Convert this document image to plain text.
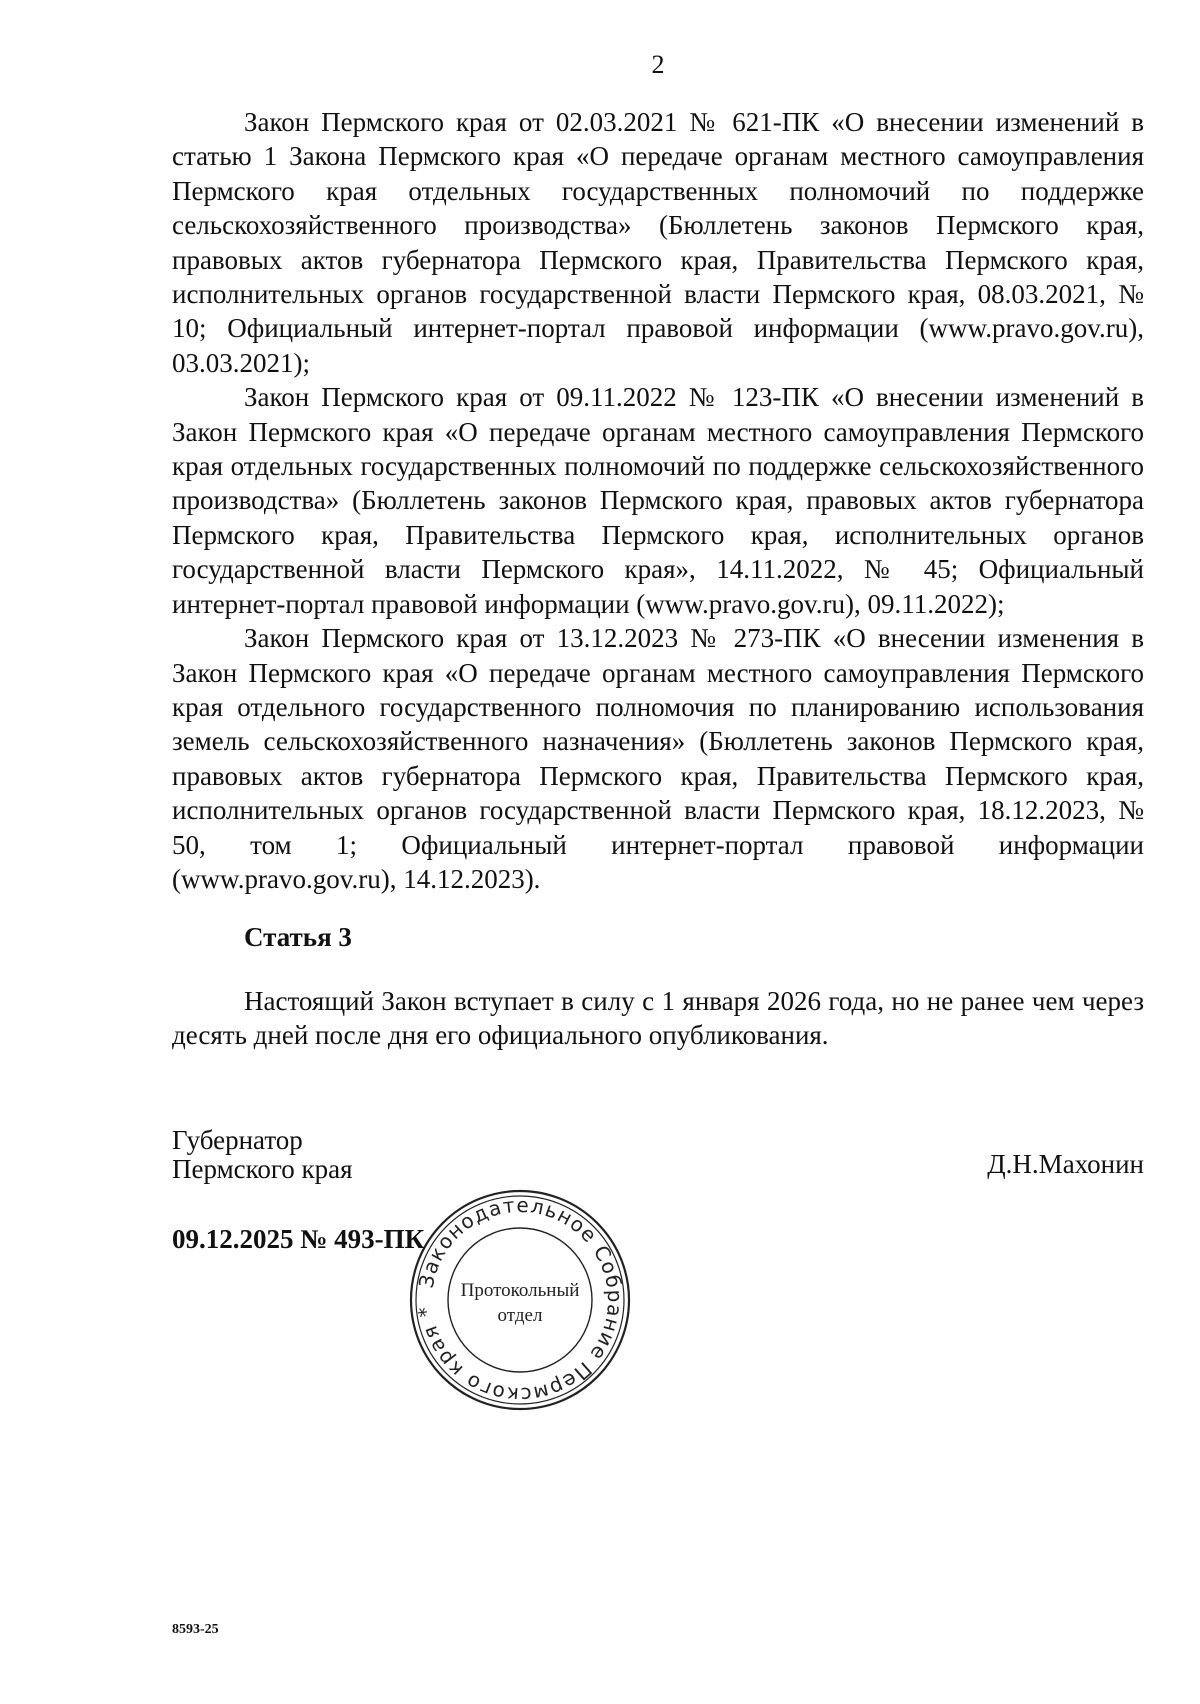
2

Закон Пермского края от 02.03.2021 № 621-ПК «О внесении изменений в статью 1 Закона Пермского края «О передаче органам местного самоуправления Пермского края отдельных государственных полномочий по поддержке сельскохозяйственного производства» (Бюллетень законов Пермского края, правовых актов губернатора Пермского края, Правительства Пермского края, исполнительных органов государственной власти Пермского края, 08.03.2021, № 10; Официальный интернет-портал правовой информации (www.pravo.gov.ru), 03.03.2021);

Закон Пермского края от 09.11.2022 № 123-ПК «О внесении изменений в Закон Пермского края «О передаче органам местного самоуправления Пермского края отдельных государственных полномочий по поддержке сельскохозяйственного производства» (Бюллетень законов Пермского края, правовых актов губернатора Пермского края, Правительства Пермского края, исполнительных органов государственной власти Пермского края», 14.11.2022, № 45; Официальный интернет-портал правовой информации (www.pravo.gov.ru), 09.11.2022);

Закон Пермского края от 13.12.2023 № 273-ПК «О внесении изменения в Закон Пермского края «О передаче органам местного самоуправления Пермского края отдельного государственного полномочия по планированию использования земель сельскохозяйственного назначения» (Бюллетень законов Пермского края, правовых актов губернатора Пермского края, Правительства Пермского края, исполнительных органов государственной власти Пермского края, 18.12.2023, № 50, том 1; Официальный интернет-портал правовой информации (www.pravo.gov.ru), 14.12.2023).

Статья 3

Настоящий Закон вступает в силу с 1 января 2026 года, но не ранее чем через десять дней после дня его официального опубликования.

Губернатор
Пермского края	Д.Н.Махонин
09.12.2025 № 493-ПК
Законодательное Собрание Пермского края *
Протокольный
отдел
8593-25
